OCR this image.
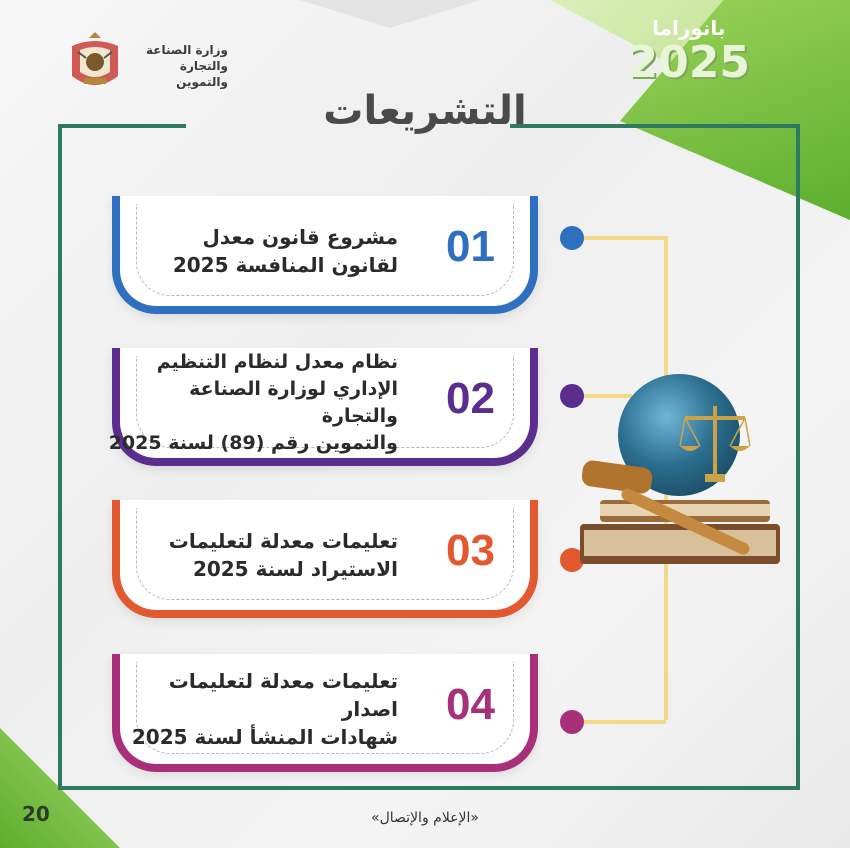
بانوراما
2025
وزارة الصناعة
والتجارة والتموين
التشريعات
01
مشروع قانون معدل
لقانون المنافسة 2025
02
نظام معدل لنظام التنظيم
الإداري لوزارة الصناعة والتجارة
والتموين رقم (89) لسنة 2025
03
تعليمات معدلة لتعليمات
الاستيراد لسنة 2025
04
تعليمات معدلة لتعليمات اصدار
شهادات المنشأ لسنة 2025
20	«الإعلام والإتصال»
